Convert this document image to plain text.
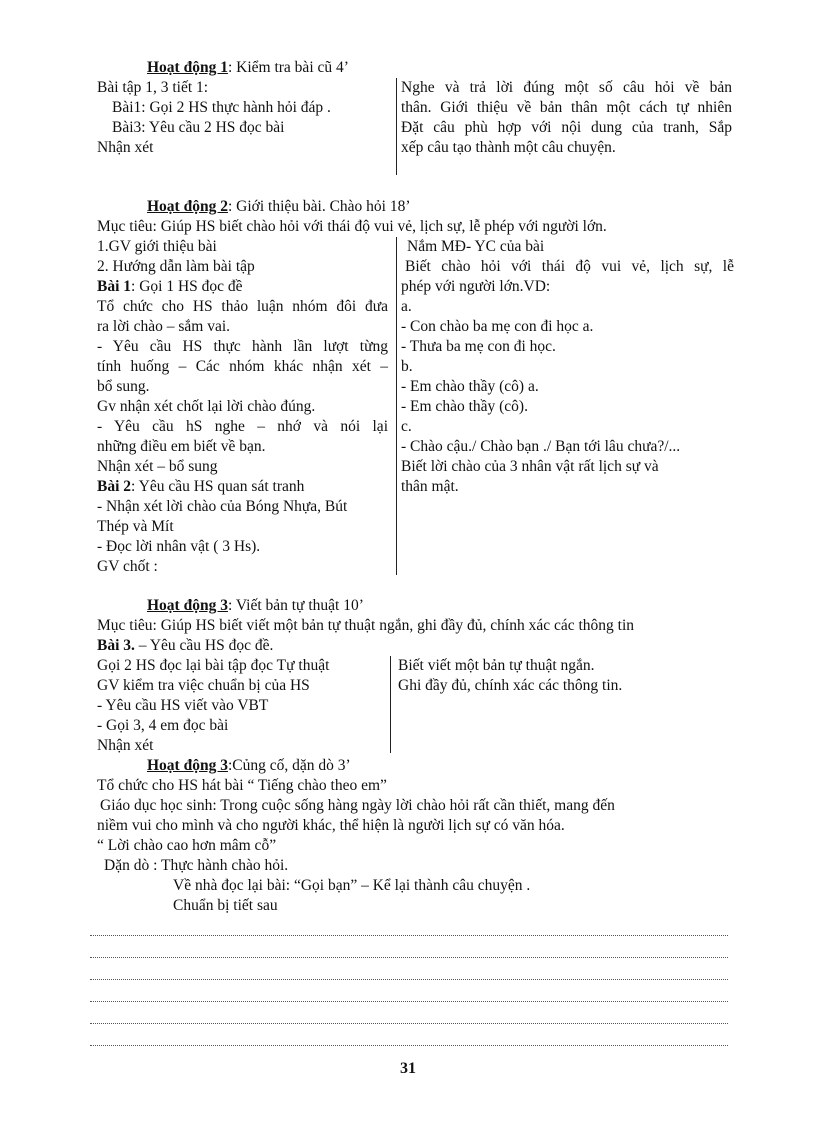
Hoạt động 1: Kiểm tra bài cũ 4’
Bài tập 1, 3 tiết 1:
Bài1: Gọi 2 HS thực hành hỏi đáp .
Bài3: Yêu cầu 2 HS đọc bài
Nhận xét
Nghe và trả lời đúng một số câu hỏi về bản
thân. Giới thiệu về bản thân một cách tự nhiên
Đặt câu phù hợp với nội dung của tranh, Sắp
xếp câu tạo thành một câu chuyện.
Hoạt động 2: Giới thiệu bài. Chào hỏi 18’
Mục tiêu: Giúp HS biết chào hỏi với thái độ vui vẻ, lịch sự, lễ phép với người lớn.
1.GV giới thiệu bài
2. Hướng dẫn làm bài tập
Bài 1: Gọi 1 HS đọc đề
Tổ chức cho HS thảo luận nhóm đôi đưa
ra lời chào – sắm vai.
- Yêu cầu HS thực hành lần lượt từng
tính huống – Các nhóm khác nhận xét –
bổ sung.
Gv nhận xét chốt lại lời chào đúng.
- Yêu cầu hS nghe – nhớ và nói lại
những điều em biết về bạn.
Nhận xét – bổ sung
Bài 2: Yêu cầu HS quan sát tranh
- Nhận xét lời chào của Bóng Nhựa, Bút
Thép và Mít
- Đọc lời nhân vật ( 3 Hs).
GV chốt :
Nắm MĐ- YC của bài
Biết chào hỏi với thái độ vui vẻ, lịch sự, lễ
phép với người lớn.VD:
a.
- Con chào ba mẹ con đi học a.
- Thưa ba mẹ con đi học.
b.
- Em chào thầy (cô) a.
- Em chào thầy (cô).
c.
- Chào cậu./ Chào bạn ./ Bạn tới lâu chưa?/...
Biết lời chào của 3 nhân vật rất lịch sự và
thân mật.
Hoạt động 3: Viết bản tự thuật 10’
Mục tiêu: Giúp HS biết viết một bản tự thuật ngắn, ghi đầy đủ, chính xác các thông tin
Bài 3. – Yêu cầu HS đọc đề.
Gọi 2 HS đọc lại bài tập đọc Tự thuật
GV kiểm tra việc chuẩn bị của HS
- Yêu cầu HS viết vào VBT
- Gọi 3, 4 em đọc bài
Nhận xét
Biết viết một bản tự thuật ngắn.
Ghi đầy đủ, chính xác các thông tin.
Hoạt động 3:Củng cố, dặn dò 3’
Tổ chức cho HS hát bài “ Tiếng chào theo em”
Giáo dục học sinh: Trong cuộc sống hàng ngày lời chào hỏi rất cần thiết, mang đến
niềm vui cho mình và cho người khác, thể hiện là người lịch sự có văn hóa.
“ Lời chào cao hơn mâm cỗ”
Dặn dò : Thực hành chào hỏi.
Về nhà đọc lại bài: “Gọi bạn” – Kể lại thành câu chuyện .
Chuẩn bị tiết sau
31
